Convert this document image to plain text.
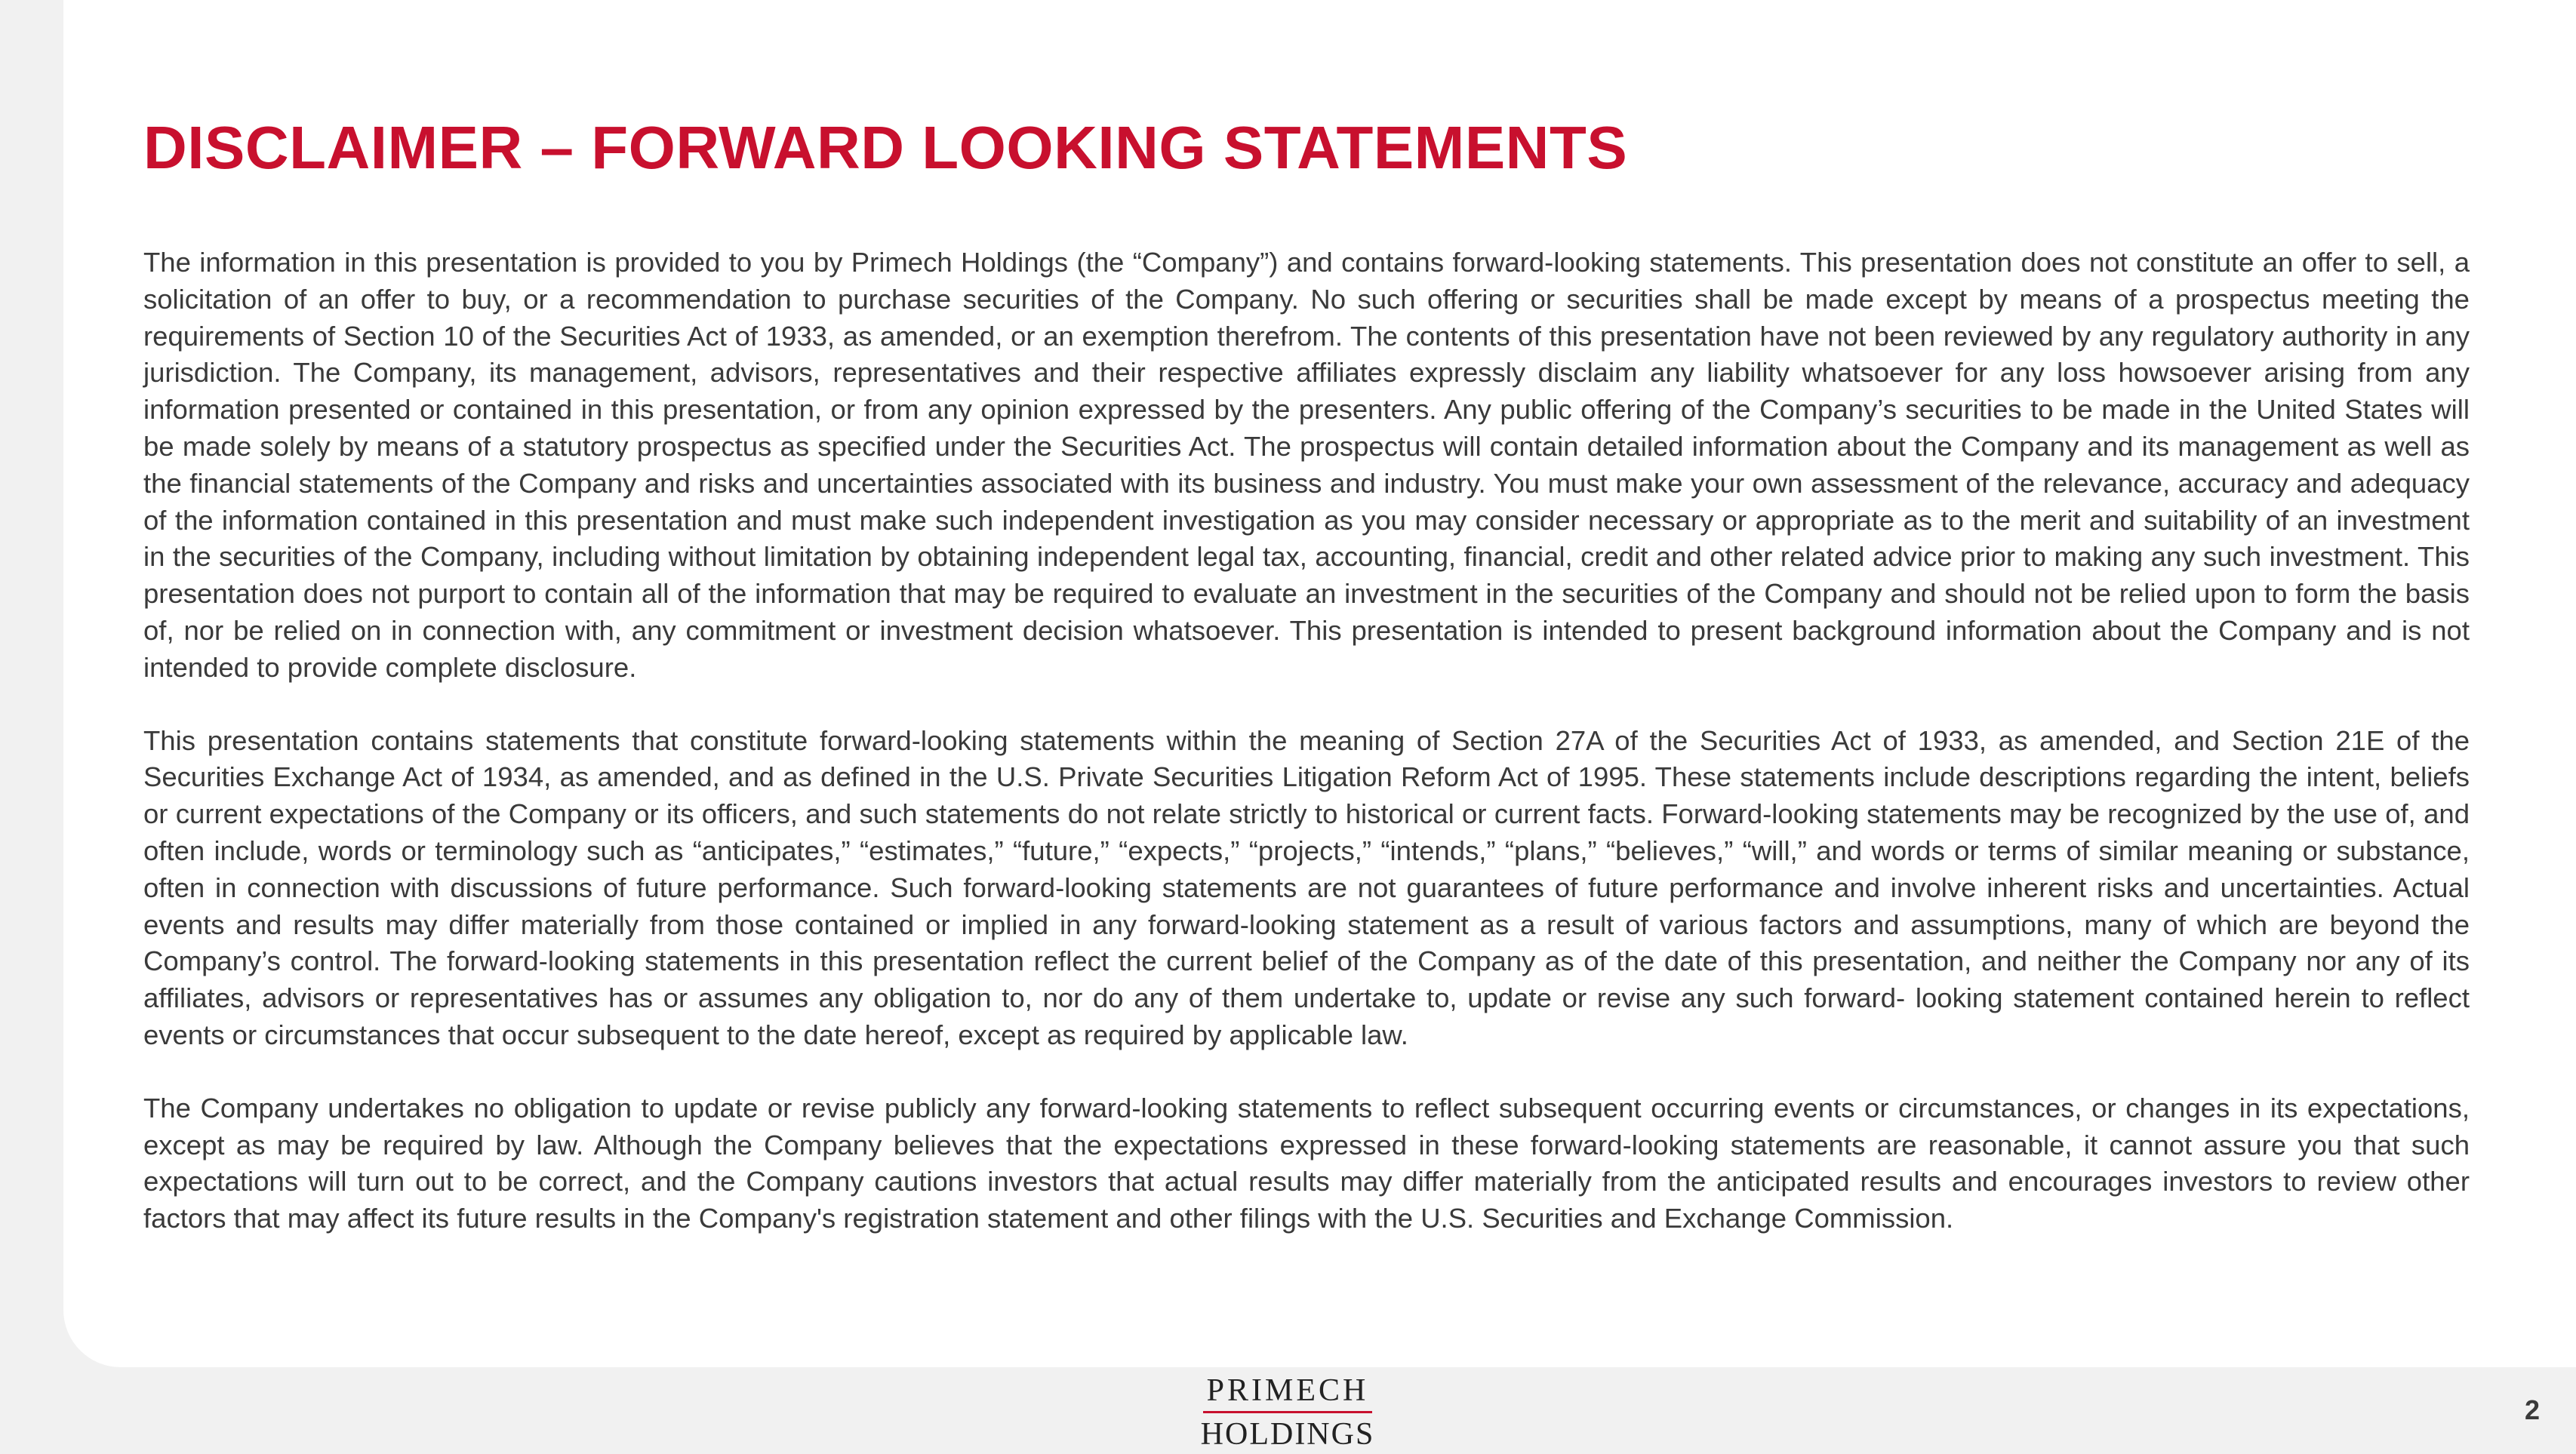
DISCLAIMER – FORWARD LOOKING STATEMENTS

The information in this presentation is provided to you by Primech Holdings (the “Company”) and contains forward-looking statements. This presentation does not constitute an offer to sell, a solicitation of an offer to buy, or a recommendation to purchase securities of the Company. No such offering or securities shall be made except by means of a prospectus meeting the requirements of Section 10 of the Securities Act of 1933, as amended, or an exemption therefrom. The contents of this presentation have not been reviewed by any regulatory authority in any jurisdiction. The Company, its management, advisors, representatives and their respective affiliates expressly disclaim any liability whatsoever for any loss howsoever arising from any information presented or contained in this presentation, or from any opinion expressed by the presenters. Any public offering of the Company’s securities to be made in the United States will be made solely by means of a statutory prospectus as specified under the Securities Act. The prospectus will contain detailed information about the Company and its management as well as the financial statements of the Company and risks and uncertainties associated with its business and industry. You must make your own assessment of the relevance, accuracy and adequacy of the information contained in this presentation and must make such independent investigation as you may consider necessary or appropriate as to the merit and suitability of an investment in the securities of the Company, including without limitation by obtaining independent legal tax, accounting, financial, credit and other related advice prior to making any such investment. This presentation does not purport to contain all of the information that may be required to evaluate an investment in the securities of the Company and should not be relied upon to form the basis of, nor be relied on in connection with, any commitment or investment decision whatsoever. This presentation is intended to present background information about the Company and is not intended to provide complete disclosure.

This presentation contains statements that constitute forward-looking statements within the meaning of Section 27A of the Securities Act of 1933, as amended, and Section 21E of the Securities Exchange Act of 1934, as amended, and as defined in the U.S. Private Securities Litigation Reform Act of 1995. These statements include descriptions regarding the intent, beliefs or current expectations of the Company or its officers, and such statements do not relate strictly to historical or current facts. Forward-looking statements may be recognized by the use of, and often include, words or terminology such as “anticipates,” “estimates,” “future,” “expects,” “projects,” “intends,” “plans,” “believes,” “will,” and words or terms of similar meaning or substance, often in connection with discussions of future performance. Such forward-looking statements are not guarantees of future performance and involve inherent risks and uncertainties. Actual events and results may differ materially from those contained or implied in any forward-looking statement as a result of various factors and assumptions, many of which are beyond the Company’s control. The forward-looking statements in this presentation reflect the current belief of the Company as of the date of this presentation, and neither the Company nor any of its affiliates, advisors or representatives has or assumes any obligation to, nor do any of them undertake to, update or revise any such forward- looking statement contained herein to reflect events or circumstances that occur subsequent to the date hereof, except as required by applicable law.

The Company undertakes no obligation to update or revise publicly any forward-looking statements to reflect subsequent occurring events or circumstances, or changes in its expectations, except as may be required by law. Although the Company believes that the expectations expressed in these forward-looking statements are reasonable, it cannot assure you that such expectations will turn out to be correct, and the Company cautions investors that actual results may differ materially from the anticipated results and encourages investors to review other factors that may affect its future results in the Company's registration statement and other filings with the U.S. Securities and Exchange Commission.

PRIMECH
HOLDINGS
2
